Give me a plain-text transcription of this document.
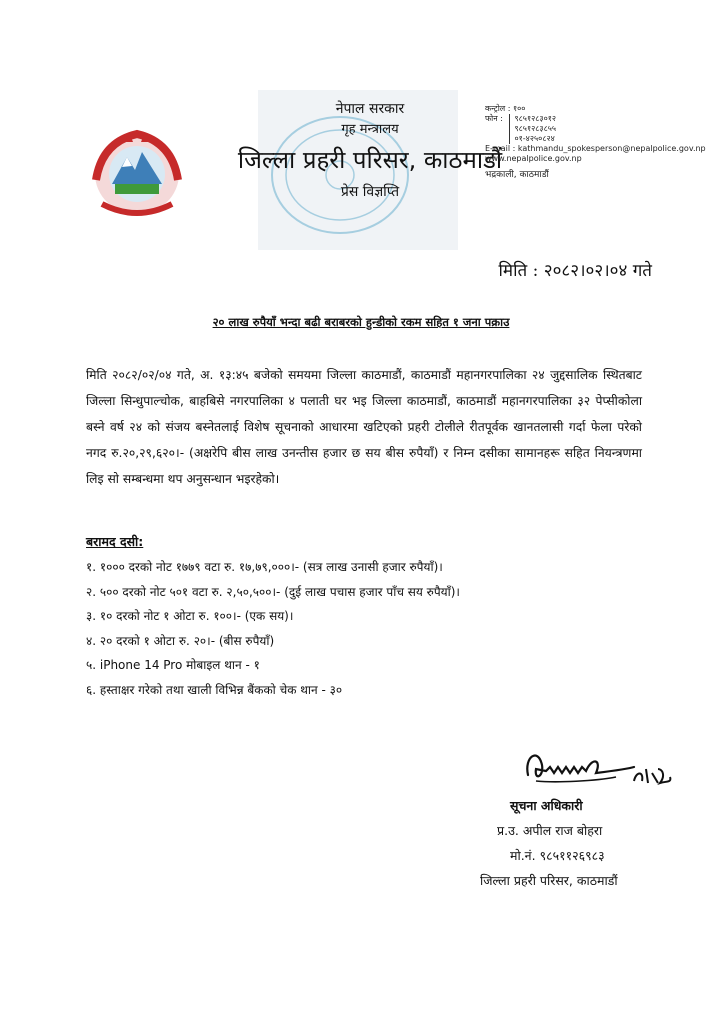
नेपाल सरकार
गृह मन्त्रालय
जिल्ला प्रहरी परिसर, काठमाडौं
प्रेस विज्ञप्ति
कन्ट्रोल : १००
फोन : ९८५१२८३०१२
९८५१२८३८५५
०१-४२५०८२४
E-mail : kathmandu_spokesperson@nepalpolice.gov.np
www.nepalpolice.gov.np
भद्रकाली, काठमाडौं
मिति : २०८२।०२।०४ गते
२० लाख रुपैयाँ भन्दा बढी बराबरको हुन्डीको रकम सहित १ जना पक्राउ
मिति २०८२/०२/०४ गते, अ. १३:४५ बजेको समयमा जिल्ला काठमाडौं, काठमाडौं महानगरपालिका २४ जुद्दसालिक स्थितबाट जिल्ला सिन्धुपाल्चोक, बाहबिसे नगरपालिका ४ पलाती घर भइ जिल्ला काठमाडौं, काठमाडौं महानगरपालिका ३२ पेप्सीकोला बस्ने वर्ष २४ को संजय बस्नेतलाई विशेष सूचनाको आधारमा खटिएको प्रहरी टोलीले रीतपूर्वक खानतलासी गर्दा फेला परेको नगद रु.२०,२९,६२०।- (अक्षरेपि बीस लाख उनन्तीस हजार छ सय बीस रुपैयाँ) र निम्न दसीका सामानहरू सहित नियन्त्रणमा लिइ सो सम्बन्धमा थप अनुसन्धान भइरहेको।
बरामद दसी:
१. १००० दरको नोट १७७९ वटा रु. १७,७९,०००।- (सत्र लाख उनासी हजार रुपैयाँ)।
२. ५०० दरको नोट ५०१ वटा रु. २,५०,५००।- (दुई लाख पचास हजार पाँच सय रुपैयाँ)।
३. १० दरको नोट १ ओटा रु. १००।- (एक सय)।
४. २० दरको १ ओटा रु. २०।- (बीस रुपैयाँ)
५. iPhone 14 Pro मोबाइल थान - १
६. हस्ताक्षर गरेको तथा खाली विभिन्न बैंकको चेक थान - ३०
सूचना अधिकारी
प्र.उ. अपील राज बोहरा
मो.नं. ९८५११२६९८३
जिल्ला प्रहरी परिसर, काठमाडौं
